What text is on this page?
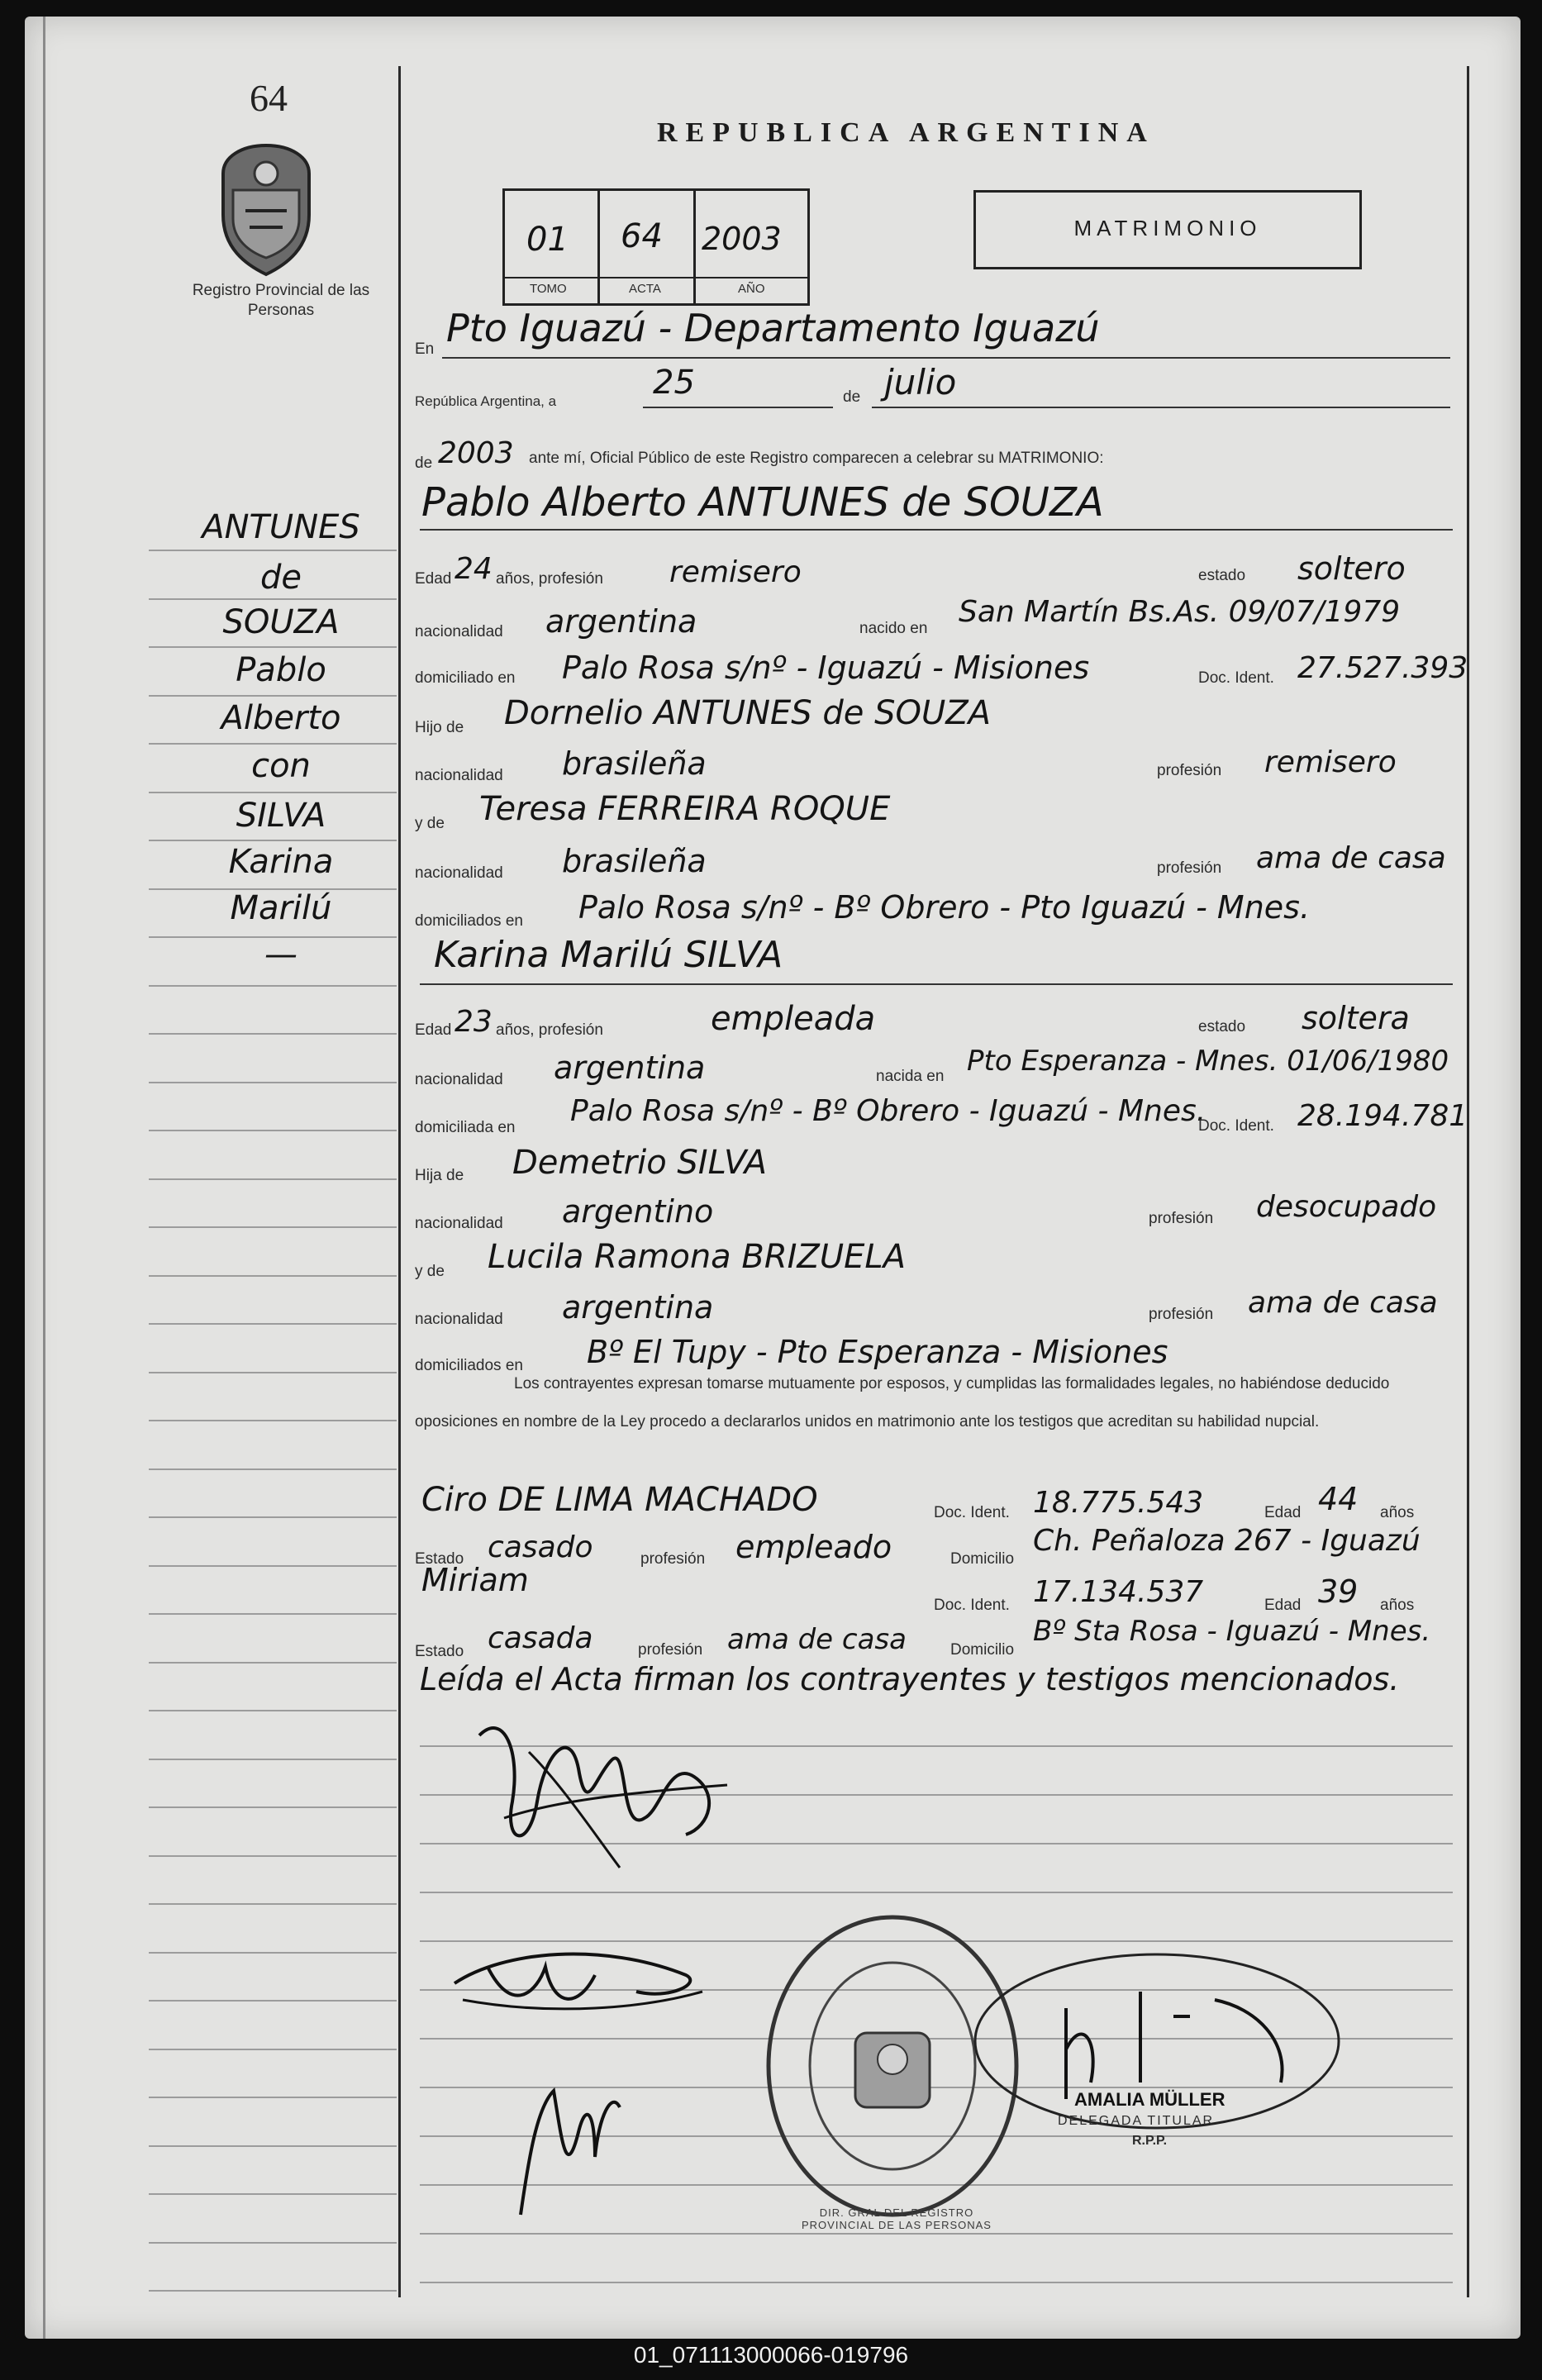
64
Registro Provincial de las Personas
REPUBLICA ARGENTINA
01 64 2003
TOMO	ACTA	AÑO
MATRIMONIO
ANTUNES
de
SOUZA
Pablo
Alberto
con
SILVA
Karina
Marilú
—
En Pto Iguazú - Departamento Iguazú
República Argentina, a	25	de julio
de 2003 ante mí, Oficial Público de este Registro comparecen a celebrar su MATRIMONIO:
Pablo Alberto ANTUNES de SOUZA
Edad 24 años, profesión remisero	estado soltero
nacionalidad argentina	nacido en San Martín Bs.As. 09/07/1979
domiciliado en Palo Rosa s/nº - Iguazú - Misiones	Doc. Ident. 27.527.393
Hijo de Dornelio ANTUNES de SOUZA
nacionalidad brasileña	profesión remisero
y de Teresa FERREIRA ROQUE
nacionalidad brasileña	profesión ama de casa
domiciliados en Palo Rosa s/nº - Bº Obrero - Pto Iguazú - Mnes.
Karina Marilú SILVA
Edad 23 años, profesión	empleada	estado soltera
nacionalidad argentina	nacida en Pto Esperanza - Mnes. 01/06/1980
domiciliada en Palo Rosa s/nº - Bº Obrero - Iguazú - Mnes.
Doc. Ident. 28.194.781
Hija de Demetrio SILVA
nacionalidad argentino	profesión desocupado
y de Lucila Ramona BRIZUELA
nacionalidad argentina	profesión ama de casa
domiciliados en Bº El Tupy - Pto Esperanza - Misiones
Los contrayentes expresan tomarse mutuamente por esposos, y cumplidas las formalidades legales, no habiéndose deducido oposiciones en nombre de la Ley procedo a declararlos unidos en matrimonio ante los testigos que acreditan su habilidad nupcial.
Ciro DE LIMA MACHADO	Doc. Ident. 18.775.543	Edad 44 años
Estado casado	profesión empleado	Domicilio
Ch. Peñaloza 267 - Iguazú
Miriam
Doc. Ident. 17.134.537	Edad 39 años
Estado casada	profesión ama de casa	Domicilio
Bº Sta Rosa - Iguazú - Mnes.
Leída el Acta firman los contrayentes y testigos mencionados.
DIR. GRAL DEL REGISTRO PROVINCIAL DE LAS PERSONAS
AMALIA MÜLLER
DELEGADA TITULAR
R.P.P.
01_071113000066-019796
